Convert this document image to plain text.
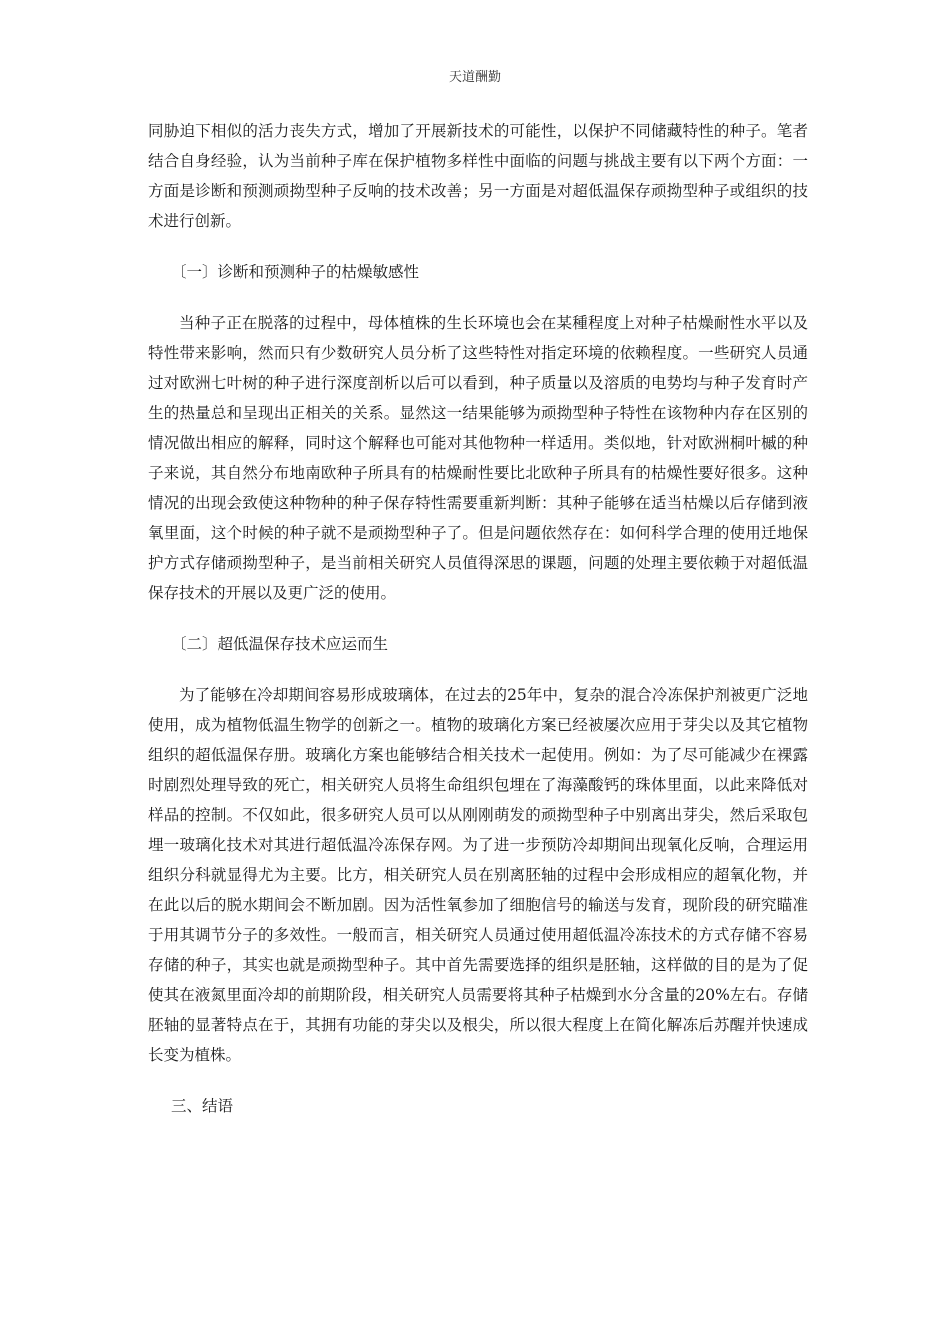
天道酬勤

同胁迫下相似的活力丧失方式，增加了开展新技术的可能性，以保护不同储藏特性的种子。笔者结合自身经验，认为当前种子库在保护植物多样性中面临的问题与挑战主要有以下两个方面：一方面是诊断和预测顽拗型种子反响的技术改善；另一方面是对超低温保存顽拗型种子或组织的技术进行创新。

〔一〕诊断和预测种子的枯燥敏感性

当种子正在脱落的过程中，母体植株的生长环境也会在某種程度上对种子枯燥耐性水平以及特性带来影响，然而只有少数研究人员分析了这些特性对指定环境的依赖程度。一些研究人员通过对欧洲七叶树的种子进行深度剖析以后可以看到，种子质量以及溶质的电势均与种子发育时产生的热量总和呈现出正相关的关系。显然这一结果能够为顽拗型种子特性在该物种内存在区别的情况做出相应的解释，同时这个解释也可能对其他物种一样适用。类似地，针对欧洲桐叶槭的种子来说，其自然分布地南欧种子所具有的枯燥耐性要比北欧种子所具有的枯燥性要好很多。这种情况的出现会致使这种物种的种子保存特性需要重新判断：其种子能够在适当枯燥以后存储到液氧里面，这个时候的种子就不是顽拗型种子了。但是问题依然存在：如何科学合理的使用迁地保护方式存储顽拗型种子，是当前相关研究人员值得深思的课题，问题的处理主要依赖于对超低温保存技术的开展以及更广泛的使用。

〔二〕超低温保存技术应运而生

为了能够在冷却期间容易形成玻璃体，在过去的25年中，复杂的混合冷冻保护剂被更广泛地使用，成为植物低温生物学的创新之一。植物的玻璃化方案已经被屡次应用于芽尖以及其它植物组织的超低温保存册。玻璃化方案也能够结合相关技术一起使用。例如：为了尽可能减少在裸露时剧烈处理导致的死亡，相关研究人员将生命组织包埋在了海藻酸钙的珠体里面，以此来降低对样品的控制。不仅如此，很多研究人员可以从刚刚萌发的顽拗型种子中别离出芽尖，然后采取包埋一玻璃化技术对其进行超低温冷冻保存网。为了进一步预防冷却期间出现氧化反响，合理运用组织分科就显得尤为主要。比方，相关研究人员在别离胚轴的过程中会形成相应的超氧化物，并在此以后的脱水期间会不断加剧。因为活性氧参加了细胞信号的输送与发育，现阶段的研究瞄准于用其调节分子的多效性。一般而言，相关研究人员通过使用超低温冷冻技术的方式存储不容易存储的种子，其实也就是顽拗型种子。其中首先需要选择的组织是胚轴，这样做的目的是为了促使其在液氮里面冷却的前期阶段，相关研究人员需要将其种子枯燥到水分含量的20%左右。存储胚轴的显著特点在于，其拥有功能的芽尖以及根尖，所以很大程度上在简化解冻后苏醒并快速成长变为植株。

三、结语
